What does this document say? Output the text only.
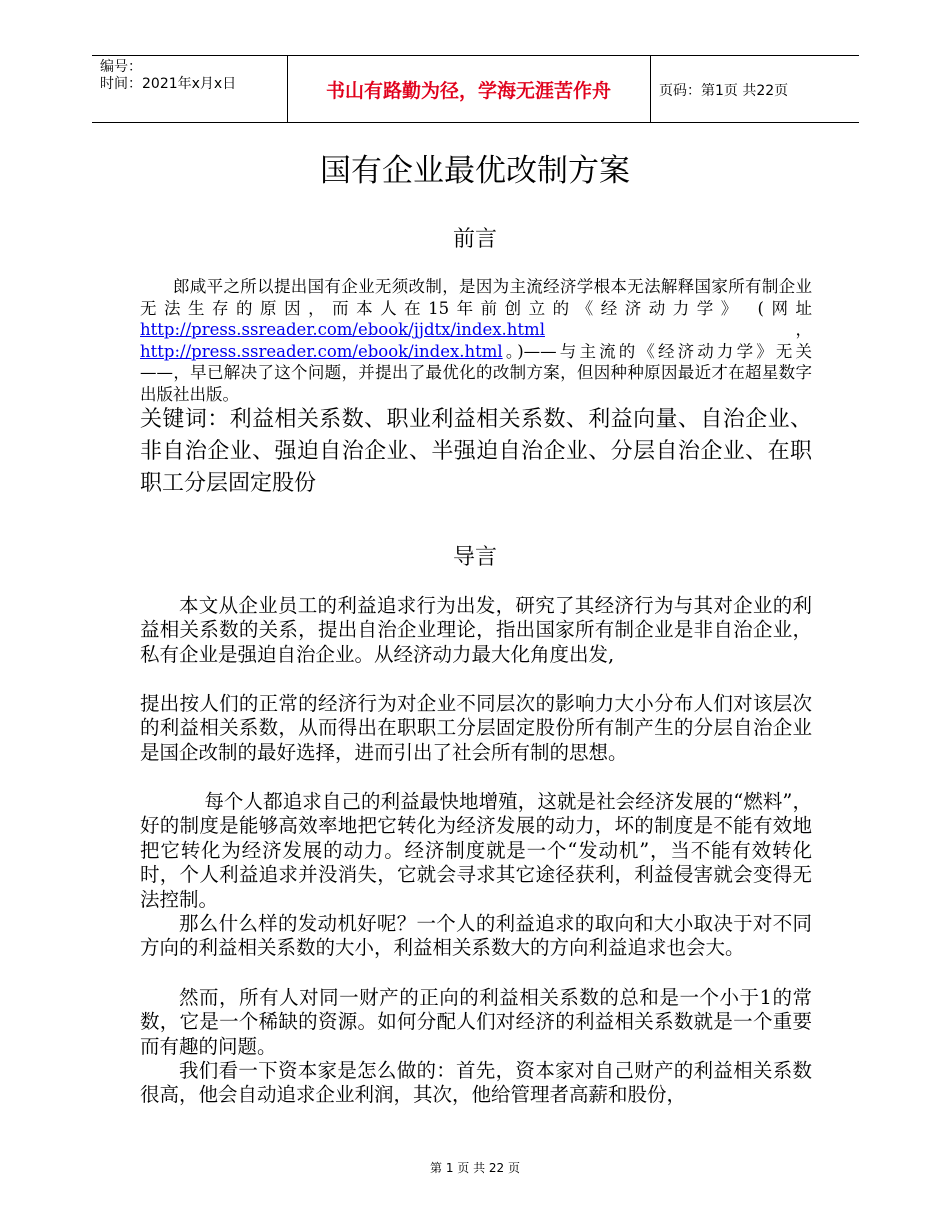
编号：
时间：2021年x月x日	书山有路勤为径，学海无涯苦作舟	页码：第1页 共22页
国有企业最优改制方案
前言
郎咸平之所以提出国有企业无须改制，是因为主流经济学根本无法解释国家所有制企业无法生存的原因，而本人在15年前创立的《经济动力学》 (网址 http://press.ssreader.com/ebook/jjdtx/index.html ， http://press.ssreader.com/ebook/index.html。)——与主流的《经济动力学》无关——，早已解决了这个问题，并提出了最优化的改制方案，但因种种原因最近才在超星数字出版社出版。
关键词：利益相关系数、职业利益相关系数、利益向量、自治企业、非自治企业、强迫自治企业、半强迫自治企业、分层自治企业、在职职工分层固定股份
导言
本文从企业员工的利益追求行为出发，研究了其经济行为与其对企业的利益相关系数的关系，提出自治企业理论，指出国家所有制企业是非自治企业，私有企业是强迫自治企业。从经济动力最大化角度出发,
提出按人们的正常的经济行为对企业不同层次的影响力大小分布人们对该层次的利益相关系数，从而得出在职职工分层固定股份所有制产生的分层自治企业是国企改制的最好选择，进而引出了社会所有制的思想。
每个人都追求自己的利益最快地增殖，这就是社会经济发展的“燃料”，好的制度是能够高效率地把它转化为经济发展的动力，坏的制度是不能有效地把它转化为经济发展的动力。经济制度就是一个“发动机”，当不能有效转化时，个人利益追求并没消失，它就会寻求其它途径获利，利益侵害就会变得无法控制。
那么什么样的发动机好呢？一个人的利益追求的取向和大小取决于对不同方向的利益相关系数的大小，利益相关系数大的方向利益追求也会大。
然而，所有人对同一财产的正向的利益相关系数的总和是一个小于1的常数，它是一个稀缺的资源。如何分配人们对经济的利益相关系数就是一个重要而有趣的问题。
我们看一下资本家是怎么做的：首先，资本家对自己财产的利益相关系数很高，他会自动追求企业利润，其次，他给管理者高薪和股份，
第 1 页 共 22 页
